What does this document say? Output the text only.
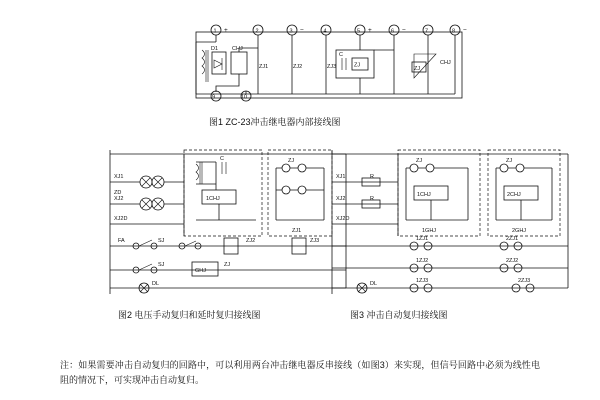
1	2	3	4	5	6	7	8
+	−	+	−	−
9
D1	CHJ
ZJ1	ZJ2	ZJ3
C
ZJ
ZJ
CHJ
10
图1 ZC-23冲击继电器内部接线图
XJ1
ZD
XJ2
XJ2D
C
1CHJ
ZJ
ZJ1
FA	SJ	ZJ2	ZJ3
SJ
GHJ
ZJ
DL
图2 电压手动复归和延时复归接线图
XJ1	R
XJ2	R
XJ2D
ZJ
1CHJ
1GHJ
ZJ
2CHJ
2GHJ
1ZJ1	2ZJ1
1ZJ2	2ZJ2
DL	1ZJ3	2ZJ3
图3 冲击自动复归接线图
注：如果需要冲击自动复归的回路中，可以利用两台冲击继电器反串接线（如图3）来实现，但信号回路中必须为线性电阻的情况下，可实现冲击自动复归。
